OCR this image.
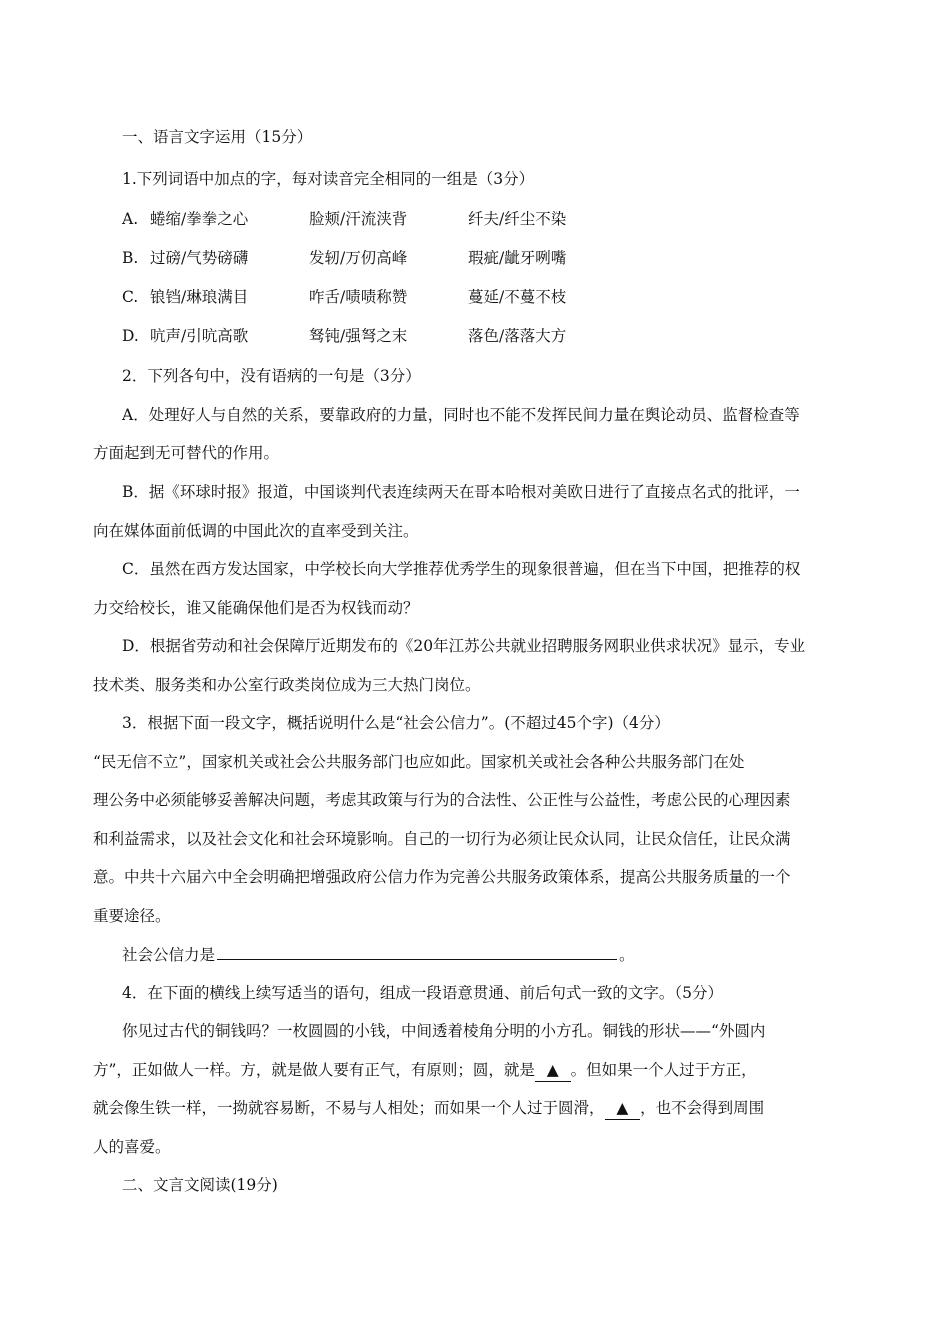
一、语言文字运用（15分）
1.下列词语中加点的字，每对读音完全相同的一组是（3分）
A. 蜷缩/拳拳之心	脸颊/汗流浃背	纤夫/纤尘不染
B. 过磅/气势磅礴	发轫/万仞高峰	瑕疵/龇牙咧嘴
C. 锒铛/琳琅满目	咋舌/啧啧称赞	蔓延/不蔓不枝
D. 吭声/引吭高歌	驽钝/强弩之末	落色/落落大方
2．下列各句中，没有语病的一句是（3分）
A．处理好人与自然的关系，要靠政府的力量，同时也不能不发挥民间力量在舆论动员、监督检查等
方面起到无可替代的作用。
B．据《环球时报》报道，中国谈判代表连续两天在哥本哈根对美欧日进行了直接点名式的批评，一
向在媒体面前低调的中国此次的直率受到关注。
C．虽然在西方发达国家，中学校长向大学推荐优秀学生的现象很普遍，但在当下中国，把推荐的权
力交给校长，谁又能确保他们是否为权钱而动？
D．根据省劳动和社会保障厅近期发布的《20年江苏公共就业招聘服务网职业供求状况》显示，专业
技术类、服务类和办公室行政类岗位成为三大热门岗位。
3．根据下面一段文字，概括说明什么是“社会公信力”。(不超过45个字)（4分）
“民无信不立”，国家机关或社会公共服务部门也应如此。国家机关或社会各种公共服务部门在处
理公务中必须能够妥善解决问题，考虑其政策与行为的合法性、公正性与公益性，考虑公民的心理因素
和利益需求，以及社会文化和社会环境影响。自己的一切行为必须让民众认同，让民众信任，让民众满
意。中共十六届六中全会明确把增强政府公信力作为完善公共服务政策体系，提高公共服务质量的一个
重要途径。
社会公信力是	。
4．在下面的横线上续写适当的语句，组成一段语意贯通、前后句式一致的文字。（5分）
你见过古代的铜钱吗？一枚圆圆的小钱，中间透着棱角分明的小方孔。铜钱的形状——“外圆内
方”，正如做人一样。方，就是做人要有正气，有原则；圆，就是  ▲  。但如果一个人过于方正，
就会像生铁一样，一拗就容易断，不易与人相处；而如果一个人过于圆滑，  ▲  ，也不会得到周围
人的喜爱。
二、文言文阅读(19分)
